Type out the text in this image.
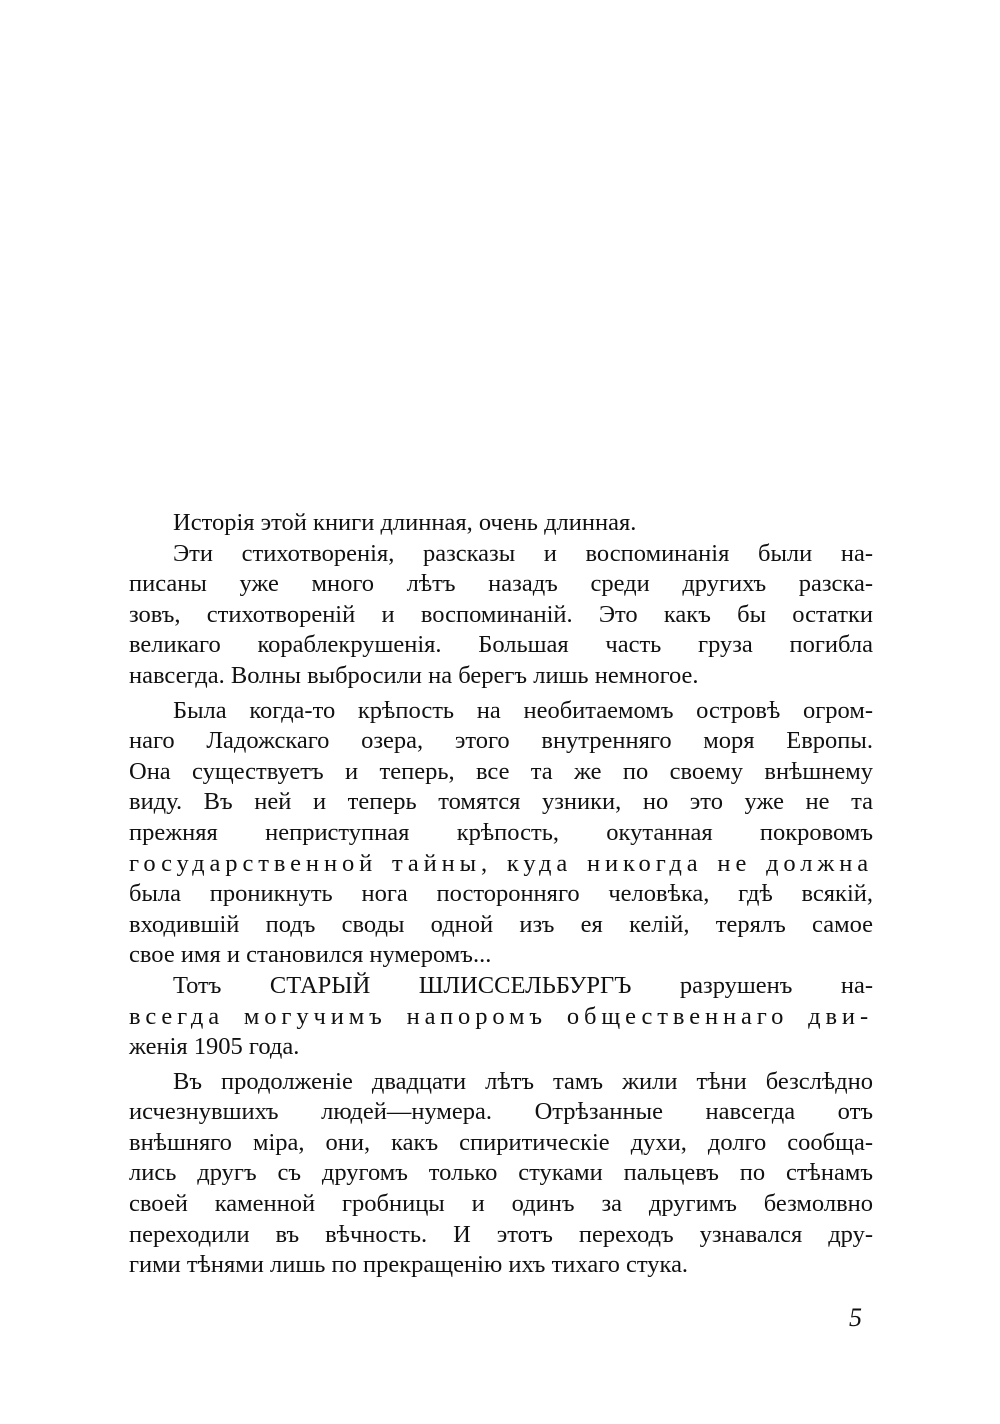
Исторія этой книги длинная, очень длинная.
Эти стихотворенія, разсказы и воспоминанія были на-
писаны уже много лѣтъ назадъ среди другихъ разска-
зовъ, стихотвореній и воспоминаній. Это какъ бы остатки
великаго кораблекрушенія. Большая часть груза погибла
навсегда. Волны выбросили на берегъ лишь немногое.
Была когда-то крѣпость на необитаемомъ островѣ огром-
наго Ладожскаго озера, этого внутренняго моря Европы.
Она существуетъ и теперь, все та же по своему внѣшнему
виду. Въ ней и теперь томятся узники, но это уже не та
прежняя неприступная крѣпость, окутанная покровомъ
государственной тайны, куда никогда не должна
была проникнуть нога посторонняго человѣка, гдѣ всякій,
входившій подъ своды одной изъ ея келій, терялъ самое
свое имя и становился нумеромъ...
Тотъ СТАРЫЙ ШЛИССЕЛЬБУРГЪ разрушенъ на-
всегда могучимъ напоромъ общественнаго дви-
женія 1905 года.
Въ продолженіе двадцати лѣтъ тамъ жили тѣни безслѣдно
исчезнувшихъ людей—нумера. Отрѣзанные навсегда отъ
внѣшняго міра, они, какъ спиритическіе духи, долго сообща-
лись другъ съ другомъ только стуками пальцевъ по стѣнамъ
своей каменной гробницы и одинъ за другимъ безмолвно
переходили въ вѣчность. И этотъ переходъ узнавался дру-
гими тѣнями лишь по прекращенію ихъ тихаго стука.
5
